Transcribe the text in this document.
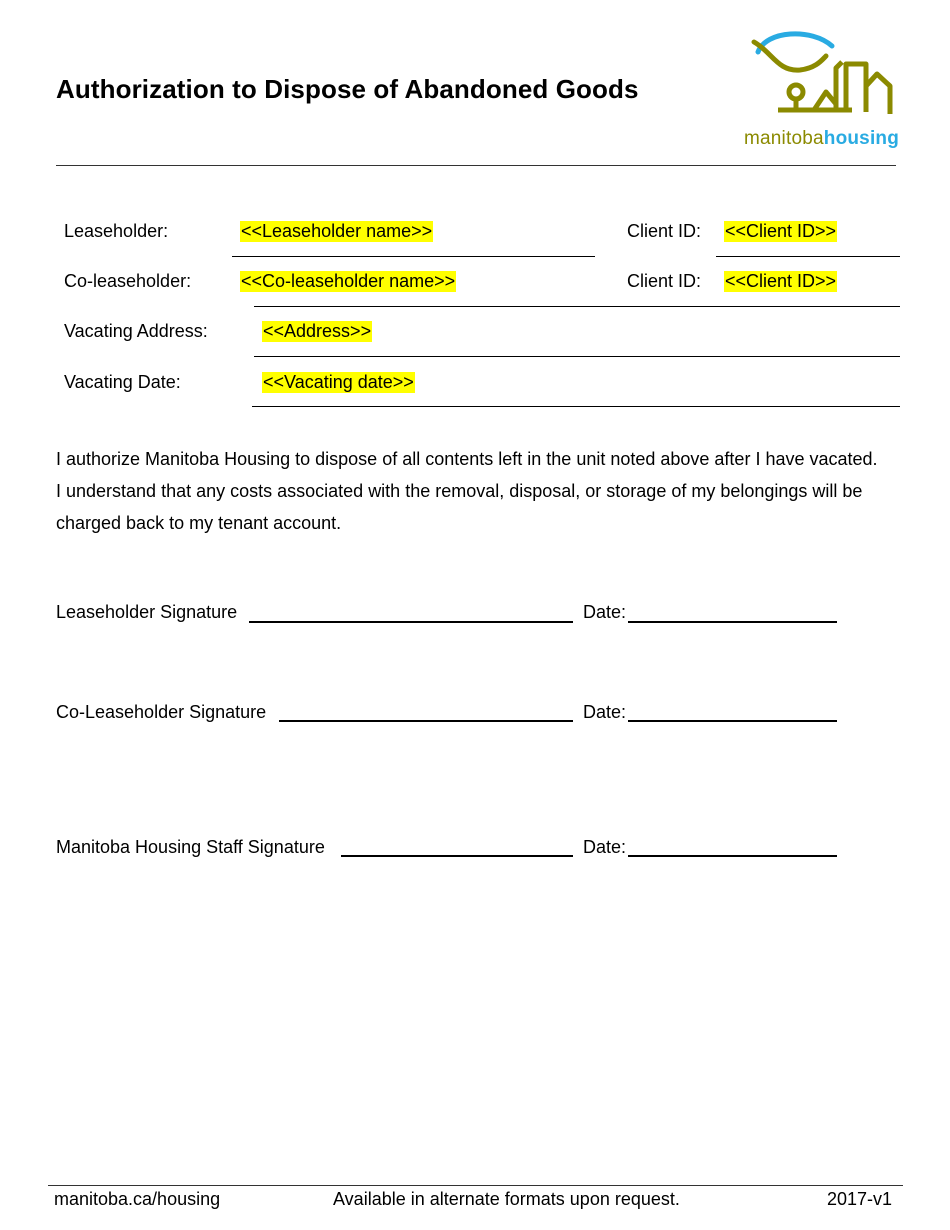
Authorization to Dispose of Abandoned Goods
manitobahousing
Leaseholder:	<<Leaseholder name>>	Client ID: <<Client ID>>
Co-leaseholder:	<<Co-leaseholder name>>	Client ID: <<Client ID>>
Vacating Address:	<<Address>>
Vacating Date:	<<Vacating date>>
I authorize Manitoba Housing to dispose of all contents left in the unit noted above after I have vacated.
I understand that any costs associated with the removal, disposal, or storage of my belongings will be
charged back to my tenant account.
Leaseholder Signature	Date:
Co-Leaseholder Signature	Date:
Manitoba Housing Staff Signature	Date:
manitoba.ca/housing	Available in alternate formats upon request.	2017-v1
